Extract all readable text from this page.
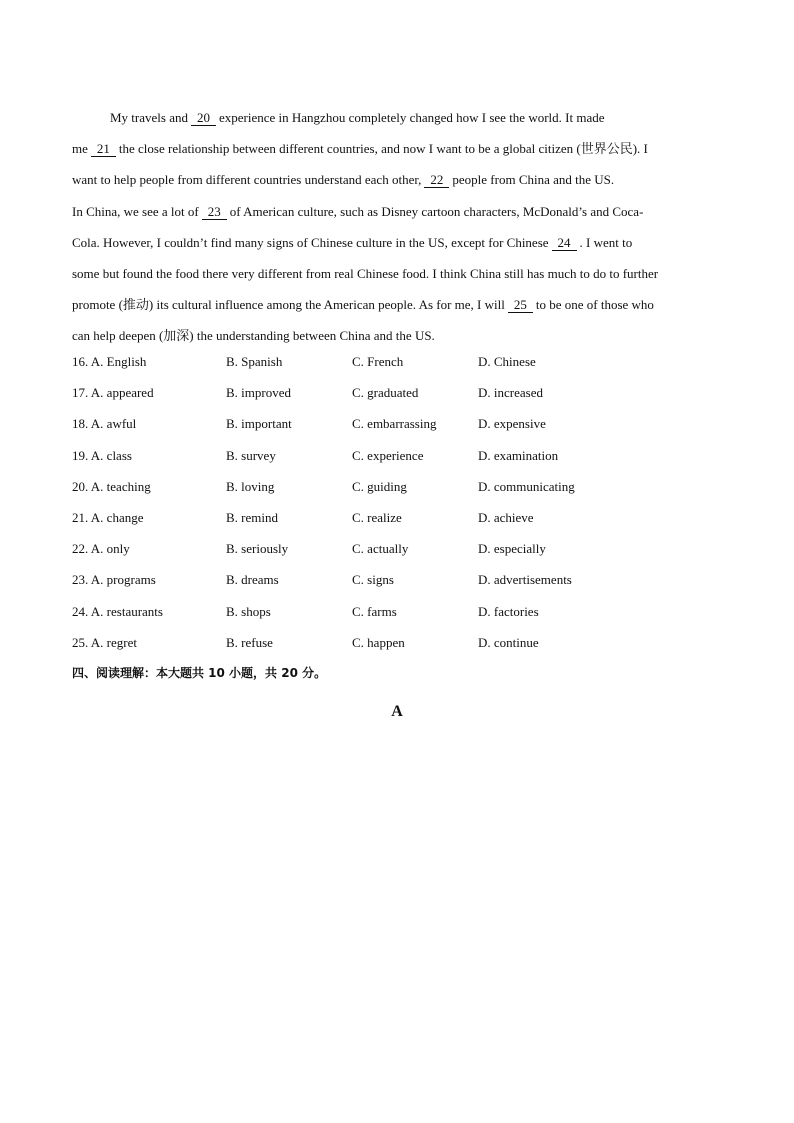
My travels and 20 experience in Hangzhou completely changed how I see the world. It made
me 21 the close relationship between different countries, and now I want to be a global citizen (世界公民). I
want to help people from different countries understand each other, 22 people from China and the US.
In China, we see a lot of 23 of American culture, such as Disney cartoon characters, McDonald’s and Coca-
Cola. However, I couldn’t find many signs of Chinese culture in the US, except for Chinese 24 . I went to
some but found the food there very different from real Chinese food. I think China still has much to do to further
promote (推动) its cultural influence among the American people. As for me, I will 25 to be one of those who
can help deepen (加深) the understanding between China and the US.
16. A. English	B. Spanish	C. French	D. Chinese
17. A. appeared	B. improved	C. graduated	D. increased
18. A. awful	B. important	C. embarrassing	D. expensive
19. A. class	B. survey	C. experience	D. examination
20. A. teaching	B. loving	C. guiding	D. communicating
21. A. change	B. remind	C. realize	D. achieve
22. A. only	B. seriously	C. actually	D. especially
23. A. programs	B. dreams	C. signs	D. advertisements
24. A. restaurants	B. shops	C. farms	D. factories
25. A. regret	B. refuse	C. happen	D. continue
四、阅读理解：本大题共 10 小题，共 20 分。
A
